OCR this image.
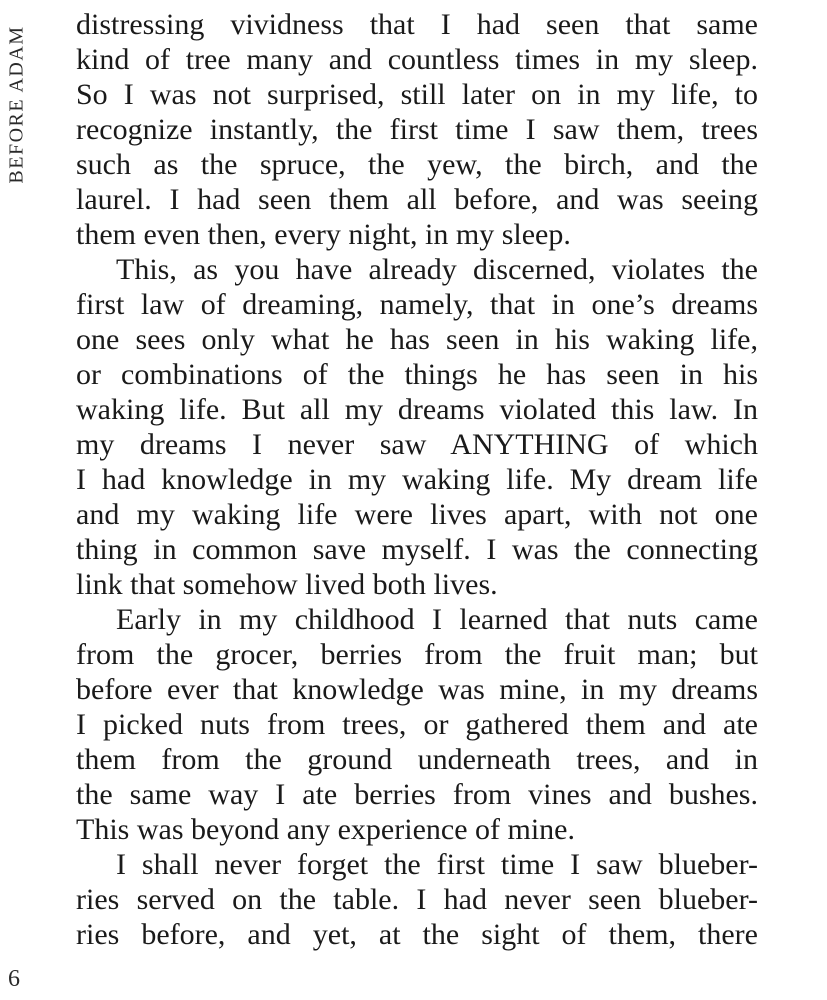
BEFORE ADAM
distressing vividness that I had seen that same
kind of tree many and countless times in my sleep.
So I was not surprised, still later on in my life, to
recognize instantly, the first time I saw them, trees
such as the spruce, the yew, the birch, and the
laurel. I had seen them all before, and was seeing
them even then, every night, in my sleep.
This, as you have already discerned, violates the
first law of dreaming, namely, that in one’s dreams
one sees only what he has seen in his waking life,
or combinations of the things he has seen in his
waking life. But all my dreams violated this law. In
my dreams I never saw ANYTHING of which
I had knowledge in my waking life. My dream life
and my waking life were lives apart, with not one
thing in common save myself. I was the connecting
link that somehow lived both lives.
Early in my childhood I learned that nuts came
from the grocer, berries from the fruit man; but
before ever that knowledge was mine, in my dreams
I picked nuts from trees, or gathered them and ate
them from the ground underneath trees, and in
the same way I ate berries from vines and bushes.
This was beyond any experience of mine.
I shall never forget the first time I saw blueber-
ries served on the table. I had never seen blueber-
ries before, and yet, at the sight of them, there
6
